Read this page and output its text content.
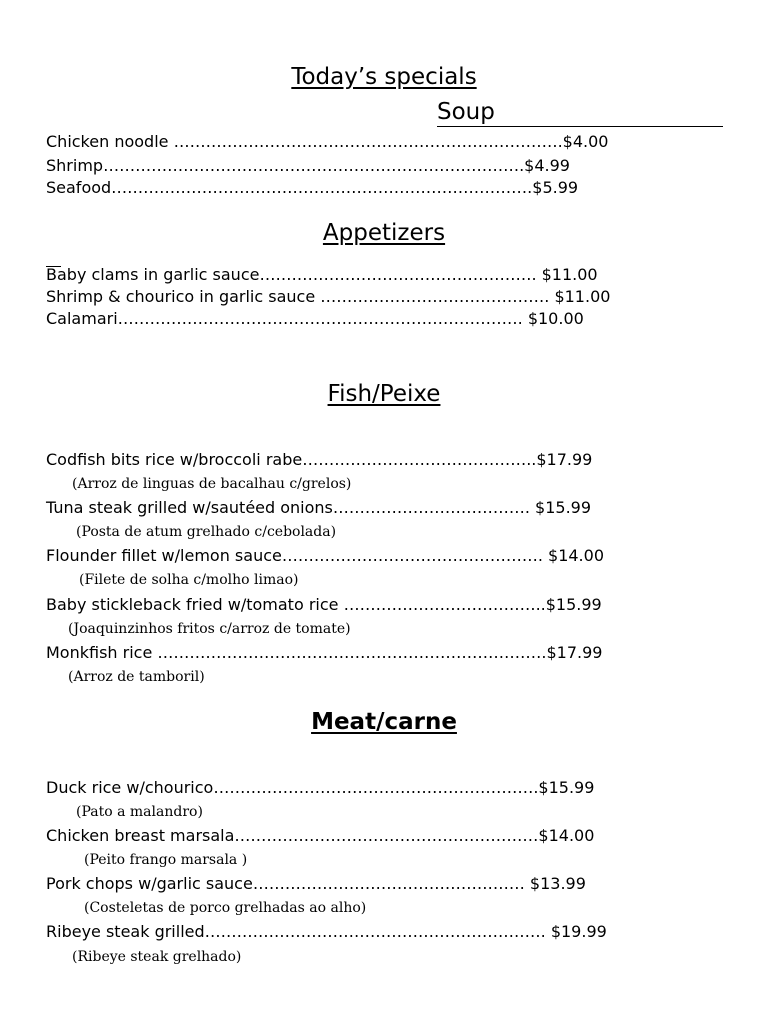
Today’s specials
Soup
Chicken noodle ……………………………………………………………….$4.00
Shrimp…………………………………………………………………….$4.99
Seafood…………………………………………………………………….$5.99
Appetizers
Baby clams in garlic sauce……………………………………………. $11.00
Shrimp & chourico in garlic sauce ……………………………………. $11.00
Calamari…………………………………………………………………. $10.00
Fish/Peixe
Codfish bits rice w/broccoli rabe……………………………………..$17.99
(Arroz de linguas de bacalhau c/grelos)
Tuna steak grilled w/sautéed onions………………………………. $15.99
(Posta de atum grelhado c/cebolada)
Flounder fillet w/lemon sauce…………………………………………. $14.00
(Filete de solha c/molho limao)
Baby stickleback fried w/tomato rice ………………………………..$15.99
(Joaquinzinhos fritos c/arroz de tomate)
Monkfish rice ……………………………………………………………….$17.99
(Arroz de tamboril)
Meat/carne
Duck rice w/chourico…………………………………………………….$15.99
(Pato a malandro)
Chicken breast marsala…………………………………………………$14.00
(Peito frango marsala )
Pork chops w/garlic sauce…………………………………………… $13.99
(Costeletas de porco grelhadas ao alho)
Ribeye steak grilled………………………………………………………. $19.99
(Ribeye steak grelhado)
